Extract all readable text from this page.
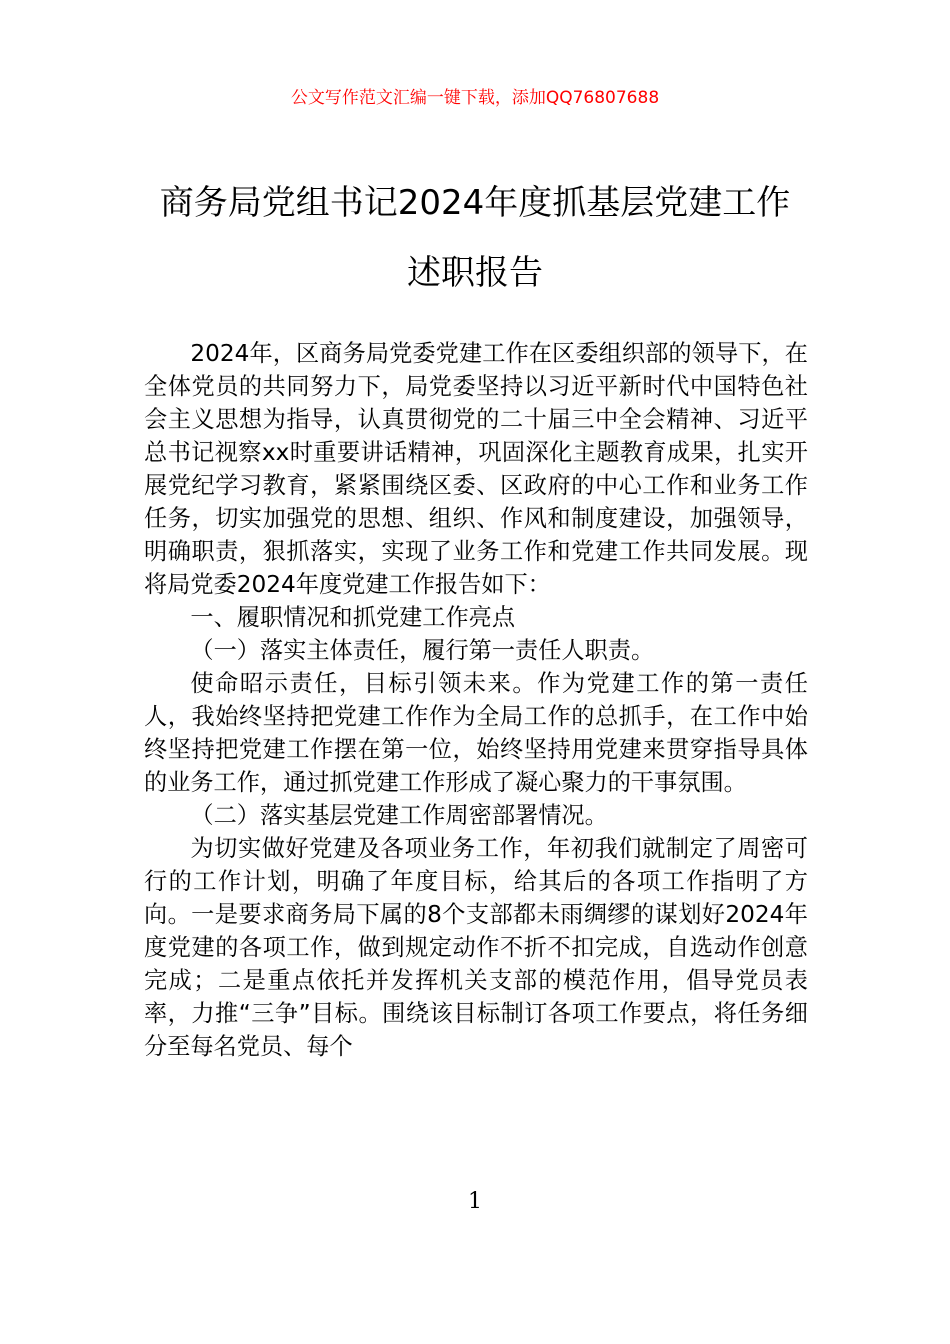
公文写作范文汇编一键下载，添加QQ76807688
商务局党组书记2024年度抓基层党建工作
述职报告

2024年，区商务局党委党建工作在区委组织部的领导下，在全体党员的共同努力下，局党委坚持以习近平新时代中国特色社会主义思想为指导，认真贯彻党的二十届三中全会精神、习近平总书记视察xx时重要讲话精神，巩固深化主题教育成果，扎实开展党纪学习教育，紧紧围绕区委、区政府的中心工作和业务工作任务，切实加强党的思想、组织、作风和制度建设，加强领导，明确职责，狠抓落实，实现了业务工作和党建工作共同发展。现将局党委2024年度党建工作报告如下：

一、履职情况和抓党建工作亮点

（一）落实主体责任，履行第一责任人职责。

使命昭示责任，目标引领未来。作为党建工作的第一责任人，我始终坚持把党建工作作为全局工作的总抓手，在工作中始终坚持把党建工作摆在第一位，始终坚持用党建来贯穿指导具体的业务工作，通过抓党建工作形成了凝心聚力的干事氛围。

（二）落实基层党建工作周密部署情况。

为切实做好党建及各项业务工作，年初我们就制定了周密可行的工作计划，明确了年度目标，给其后的各项工作指明了方向。一是要求商务局下属的8个支部都未雨绸缪的谋划好2024年度党建的各项工作，做到规定动作不折不扣完成，自选动作创意完成；二是重点依托并发挥机关支部的模范作用，倡导党员表率，力推“三争”目标。围绕该目标制订各项工作要点，将任务细分至每名党员、每个

1
